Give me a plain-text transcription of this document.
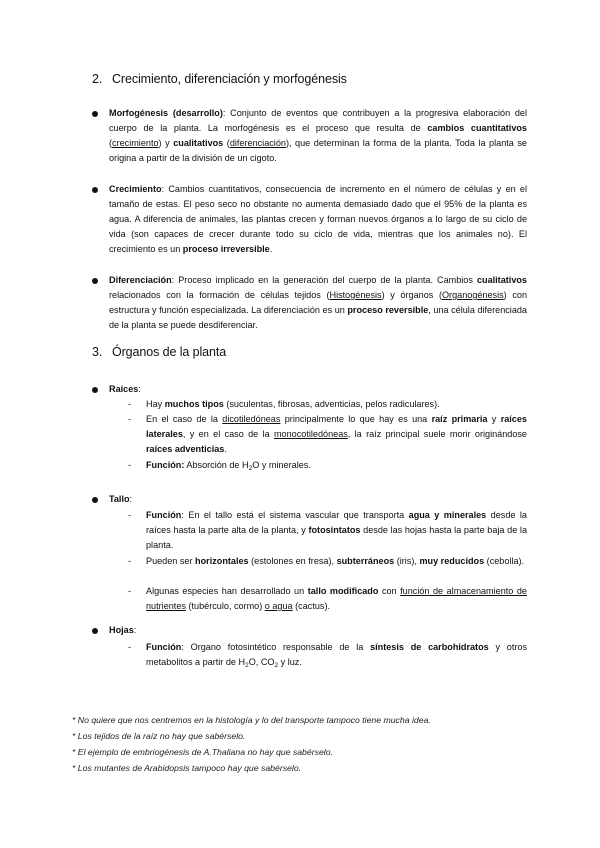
2. Crecimiento, diferenciación y morfogénesis

Morfogénesis (desarrollo): Conjunto de eventos que contribuyen a la progresiva elaboración del cuerpo de la planta. La morfogénesis es el proceso que resulta de cambios cuantitativos (crecimiento) y cualitativos (diferenciación), que determinan la forma de la planta. Toda la planta se origina a partir de la división de un cigoto.

Crecimiento: Cambios cuantitativos, consecuencia de incremento en el número de células y en el tamaño de estas. El peso seco no obstante no aumenta demasiado dado que el 95% de la planta es agua. A diferencia de animales, las plantas crecen y forman nuevos órganos a lo largo de su ciclo de vida (son capaces de crecer durante todo su ciclo de vida, mientras que los animales no). El crecimiento es un proceso irreversible.

Diferenciación: Proceso implicado en la generación del cuerpo de la planta. Cambios cualitativos relacionados con la formación de células tejidos (Histogénesis) y órganos (Organogénesis) con estructura y función especializada. La diferenciación es un proceso reversible, una célula diferenciada de la planta se puede desdiferenciar.

3. Órganos de la planta

Raíces:

- Hay muchos tipos (suculentas, fibrosas, adventicias, pelos radiculares).

- En el caso de la dicotiledóneas principalmente lo que hay es una raíz primaria y raíces laterales, y en el caso de la monocotiledóneas, la raíz principal suele morir originándose raíces adventicias.

- Función: Absorción de $H_2O$ y minerales.

Tallo:

- Función: En el tallo está el sistema vascular que transporta agua y minerales desde la raíces hasta la parte alta de la planta, y fotosintatos desde las hojas hasta la parte baja de la planta.

- Pueden ser horizontales (estolones en fresa), subterráneos (iris), muy reducidos (cebolla).

- Algunas especies han desarrollado un tallo modificado con función de almacenamiento de nutrientes (tubérculo, cormo) o agua (cactus).

Hojas:

- Función: Organo fotosintético responsable de la síntesis de carbohidratos y otros metabolitos a partir de $H_2O$, $CO_2$ y luz.

* No quiere que nos centremos en la histología y lo del transporte tampoco tiene mucha idea.

* Los tejidos de la raíz no hay que sabérselo.

* El ejemplo de embriogénesis de A.Thaliana no hay que sabérselo.

* Los mutantes de Arabidopsis tampoco hay que sabérselo.
